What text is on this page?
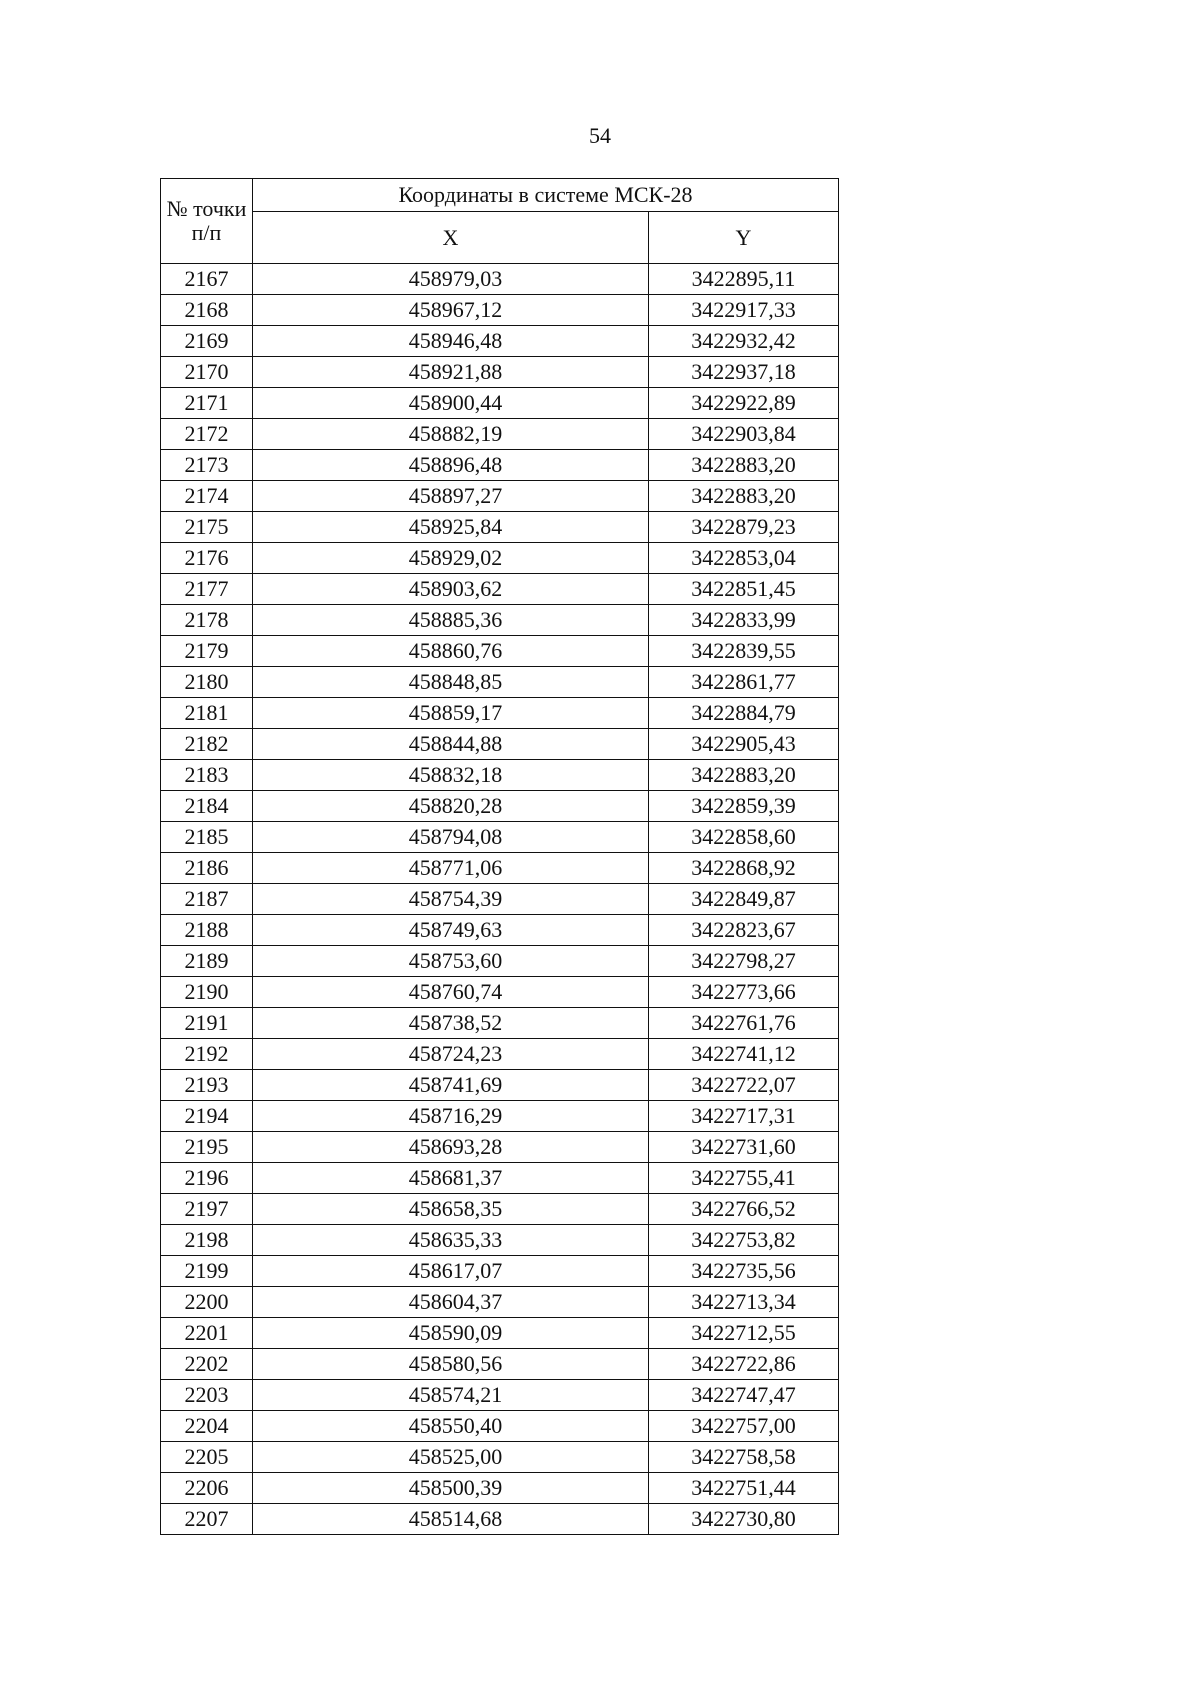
54
№ точки п/п	Координаты в системе МСК-28	
	X	Y
2167	458979,03	3422895,11
2168	458967,12	3422917,33
2169	458946,48	3422932,42
2170	458921,88	3422937,18
2171	458900,44	3422922,89
2172	458882,19	3422903,84
2173	458896,48	3422883,20
2174	458897,27	3422883,20
2175	458925,84	3422879,23
2176	458929,02	3422853,04
2177	458903,62	3422851,45
2178	458885,36	3422833,99
2179	458860,76	3422839,55
2180	458848,85	3422861,77
2181	458859,17	3422884,79
2182	458844,88	3422905,43
2183	458832,18	3422883,20
2184	458820,28	3422859,39
2185	458794,08	3422858,60
2186	458771,06	3422868,92
2187	458754,39	3422849,87
2188	458749,63	3422823,67
2189	458753,60	3422798,27
2190	458760,74	3422773,66
2191	458738,52	3422761,76
2192	458724,23	3422741,12
2193	458741,69	3422722,07
2194	458716,29	3422717,31
2195	458693,28	3422731,60
2196	458681,37	3422755,41
2197	458658,35	3422766,52
2198	458635,33	3422753,82
2199	458617,07	3422735,56
2200	458604,37	3422713,34
2201	458590,09	3422712,55
2202	458580,56	3422722,86
2203	458574,21	3422747,47
2204	458550,40	3422757,00
2205	458525,00	3422758,58
2206	458500,39	3422751,44
2207	458514,68	3422730,80
